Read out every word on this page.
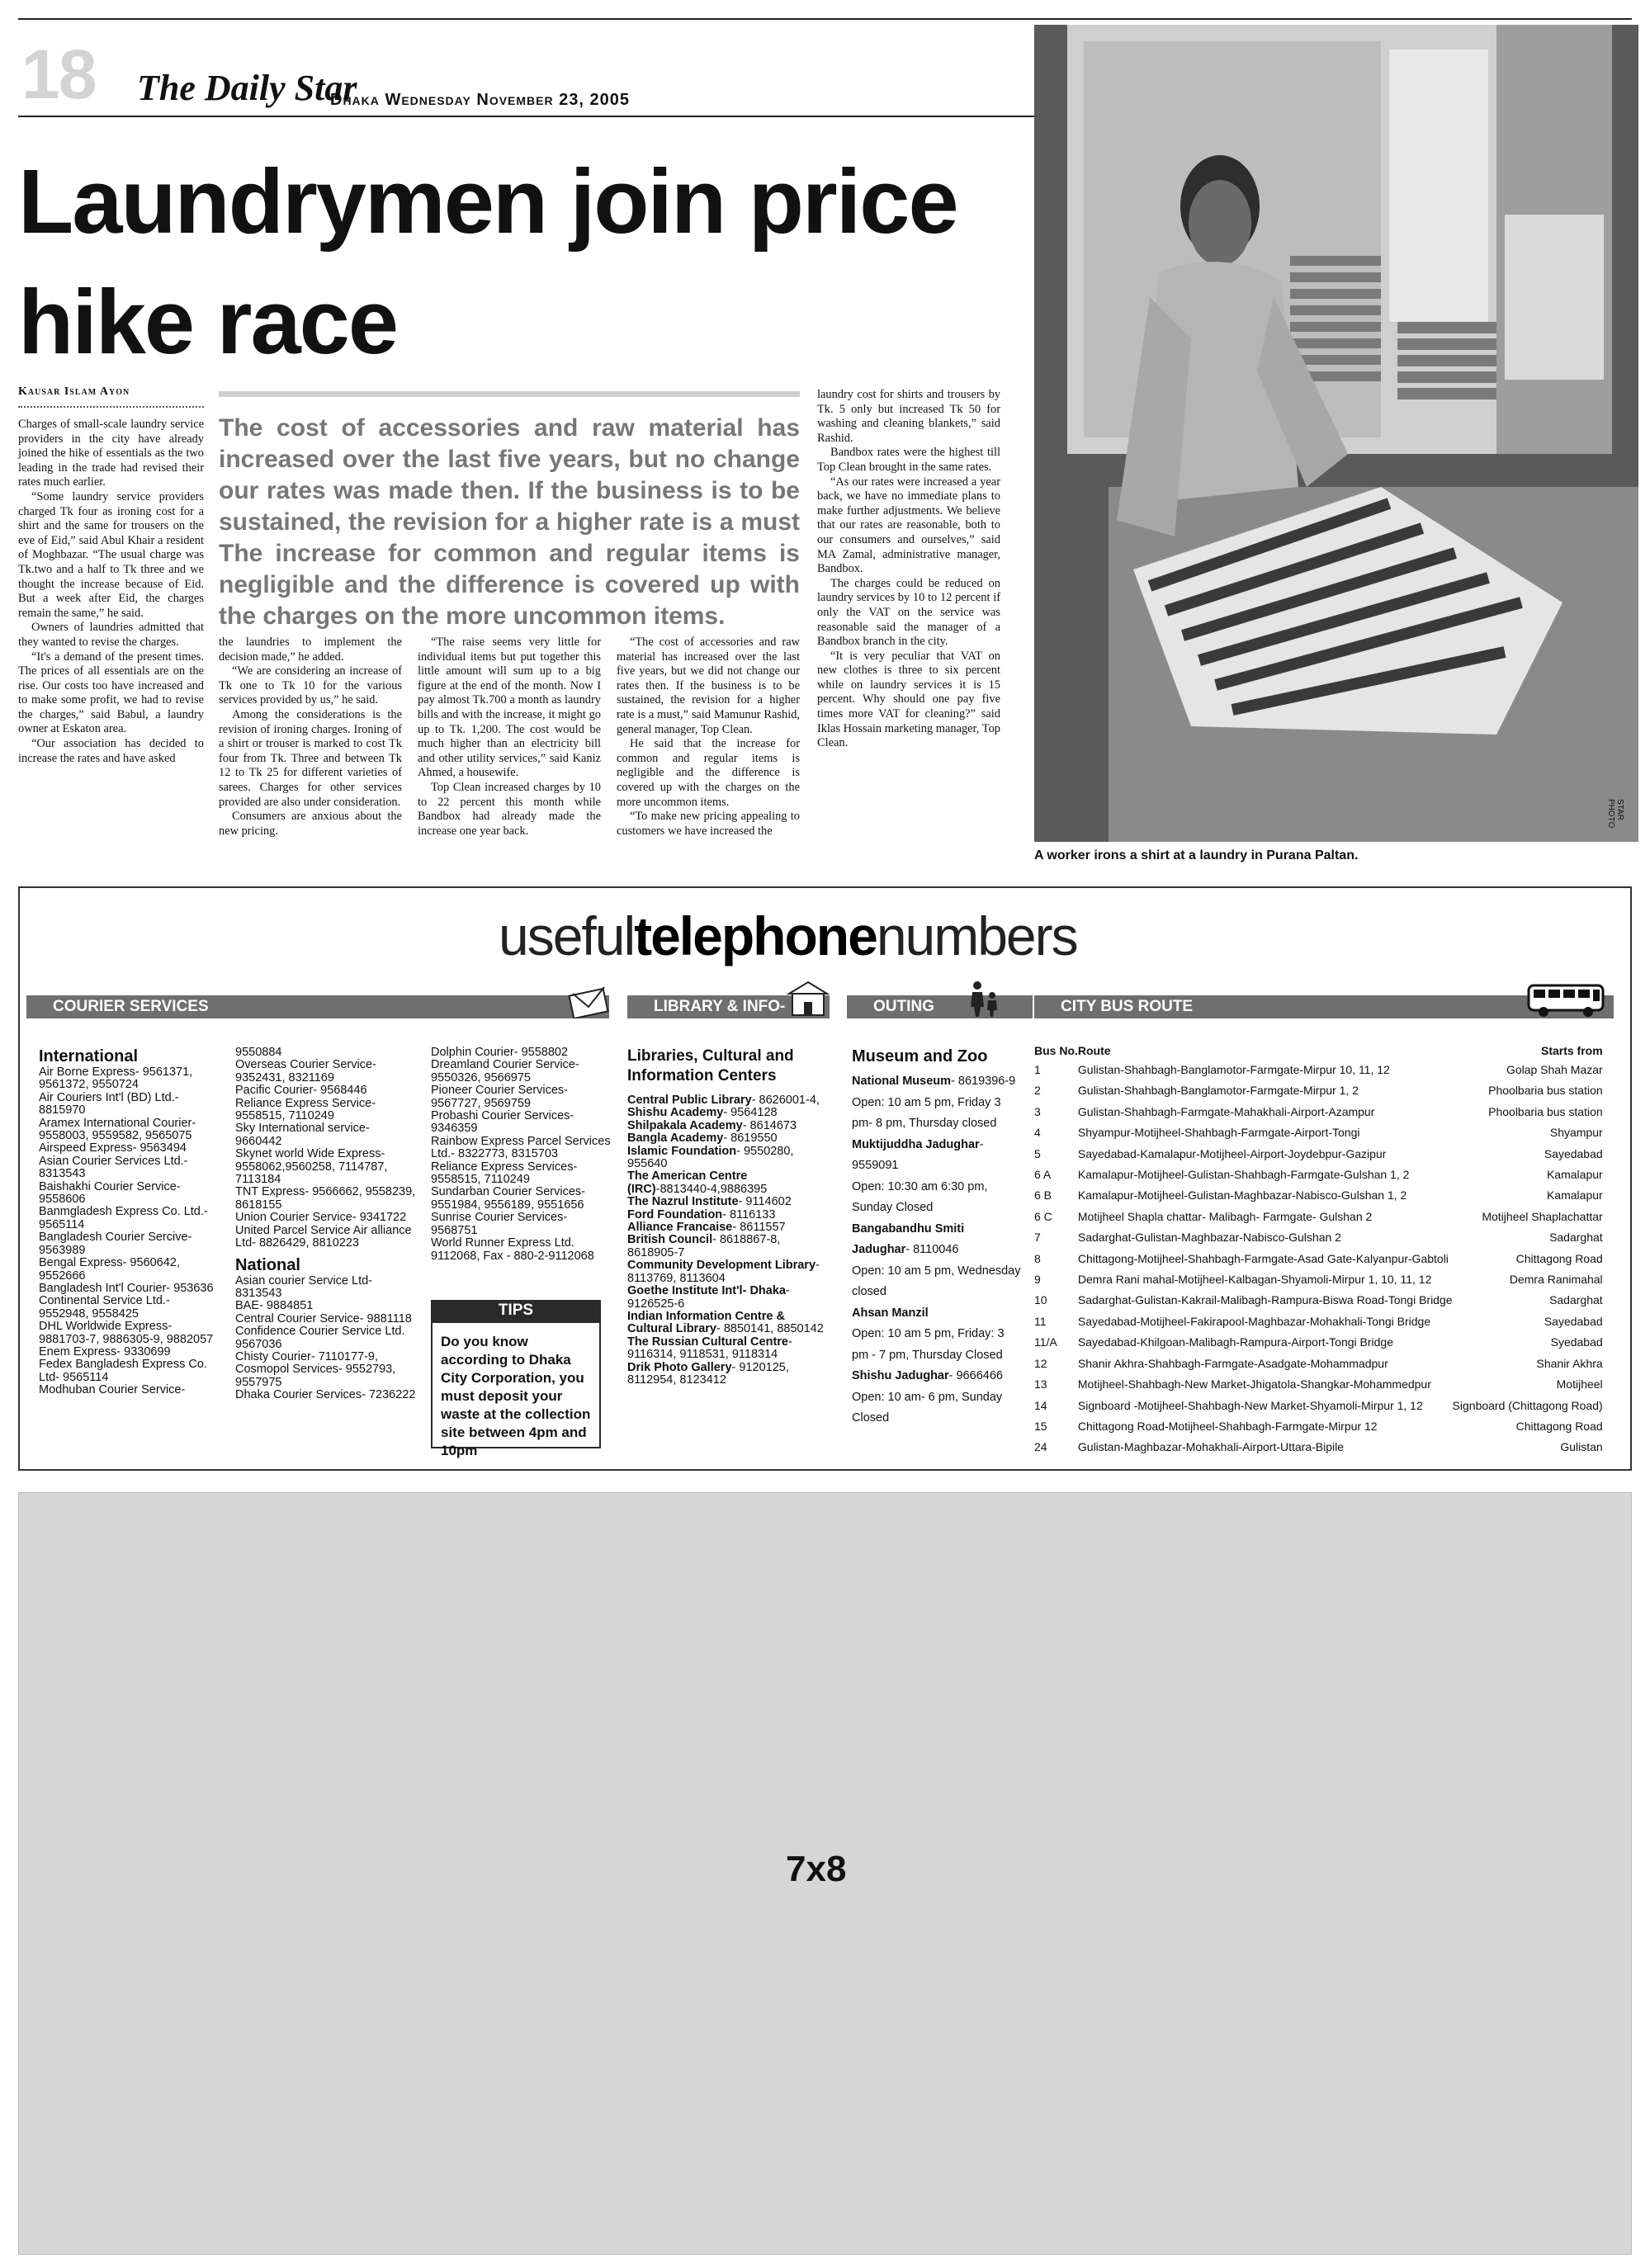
18 The Daily Star
Dhaka Wednesday November 23, 2005
Laundrymen join price
hike race
Kausar Islam Ayon
The cost of accessories and raw material has increased over the last five years, but no change our rates was made then. If the business is to be sustained, the revision for a higher rate is a must The increase for common and regular items is negligible and the difference is covered up with the charges on the more uncommon items.

Charges of small-scale laundry service providers in the city have already joined the hike of essentials as the two leading in the trade had revised their rates much earlier.

“Some laundry service providers charged Tk four as ironing cost for a shirt and the same for trousers on the eve of Eid,” said Abul Khair a resident of Moghbazar. “The usual charge was Tk.two and a half to Tk three and we thought the increase because of Eid. But a week after Eid, the charges remain the same,” he said.

Owners of laundries admitted that they wanted to revise the charges.

“It's a demand of the present times. The prices of all essentials are on the rise. Our costs too have increased and to make some profit, we had to revise the charges,” said Babul, a laundry owner at Eskaton area.

“Our association has decided to increase the rates and have asked

the laundries to implement the decision made,” he added.

“We are considering an increase of Tk one to Tk 10 for the various services provided by us,” he said.

Among the considerations is the revision of ironing charges. Ironing of a shirt or trouser is marked to cost Tk four from Tk. Three and between Tk 12 to Tk 25 for different varieties of sarees. Charges for other services provided are also under consideration.

Consumers are anxious about the new pricing.

“The raise seems very little for individual items but put together this little amount will sum up to a big figure at the end of the month. Now I pay almost Tk.700 a month as laundry bills and with the increase, it might go up to Tk. 1,200. The cost would be much higher than an electricity bill and other utility services,” said Kaniz Ahmed, a housewife.

Top Clean increased charges by 10 to 22 percent this month while Bandbox had already made the increase one year back.

“The cost of accessories and raw material has increased over the last five years, but we did not change our rates then. If the business is to be sustained, the revision for a higher rate is a must,” said Mamunur Rashid, general manager, Top Clean.

He said that the increase for common and regular items is negligible and the difference is covered up with the charges on the more uncommon items.

“To make new pricing appealing to customers we have increased the

laundry cost for shirts and trousers by Tk. 5 only but increased Tk 50 for washing and cleaning blankets,” said Rashid.

Bandbox rates were the highest till Top Clean brought in the same rates.

“As our rates were increased a year back, we have no immediate plans to make further adjustments. We believe that our rates are reasonable, both to our consumers and ourselves,” said MA Zamal, administrative manager, Bandbox.

The charges could be reduced on laundry services by 10 to 12 percent if only the VAT on the service was reasonable said the manager of a Bandbox branch in the city.

“It is very peculiar that VAT on new clothes is three to six percent while on laundry services it is 15 percent. Why should one pay five times more VAT for cleaning?” said Iklas Hossain marketing manager, Top Clean.

A worker irons a shirt at a laundry in Purana Paltan.
STAR PHOTO
usefultelephonenumbers
COURIER SERVICES	LIBRARY & INFO-	OUTING	CITY BUS ROUTE
International
Air Borne Express- 9561371,
9561372, 9550724
Air Couriers Int'l (BD) Ltd.-
8815970
Aramex International Courier-
9558003, 9559582, 9565075
Airspeed Express- 9563494
Asian Courier Services Ltd.-
8313543
Baishakhi Courier Service-
9558606
Banmgladesh Express Co. Ltd.-
9565114
Bangladesh Courier Sercive-
9563989
Bengal Express- 9560642,
9552666
Bangladesh Int'l Courier- 953636
Continental Service Ltd.-
9552948, 9558425
DHL Worldwide Express-
9881703-7, 9886305-9, 9882057
Enem Express- 9330699
Fedex Bangladesh Express Co.
Ltd- 9565114
Modhuban Courier Service-
9550884
Overseas Courier Service-
9352431, 8321169
Pacific Courier- 9568446
Reliance Express Service-
9558515, 7110249
Sky International service-
9660442
Skynet world Wide Express-
9558062,9560258, 7114787,
7113184
TNT Express- 9566662, 9558239,
8618155
Union Courier Service- 9341722
United Parcel Service Air alliance
Ltd- 8826429, 8810223
National
Asian courier Service Ltd-
8313543
BAE- 9884851
Central Courier Service- 9881118
Confidence Courier Service Ltd.
9567036
Chisty Courier- 7110177-9,
Cosmopol Services- 9552793,
9557975
Dhaka Courier Services- 7236222
Dolphin Courier- 9558802
Dreamland Courier Service-
9550326, 9566975
Pioneer Courier Services-
9567727, 9569759
Probashi Courier Services-
9346359
Rainbow Express Parcel Services
Ltd.- 8322773, 8315703
Reliance Express Services-
9558515, 7110249
Sundarban Courier Services-
9551984, 9556189, 9551656
Sunrise Courier Services-
9568751
World Runner Express Ltd.
9112068, Fax - 880-2-9112068
TIPS
Do you know according to Dhaka City Corporation, you must deposit your waste at the collection site between 4pm and 10pm
Libraries, Cultural and Information Centers
Central Public Library- 8626001-4,
Shishu Academy- 9564128
Shilpakala Academy- 8614673
Bangla Academy- 8619550
Islamic Foundation- 9550280, 955640
The American Centre (IRC)-8813440-4,9886395
The Nazrul Institute- 9114602
Ford Foundation- 8116133
Alliance Francaise- 8611557
British Council- 8618867-8, 8618905-7
Community Development Library- 8113769, 8113604
Goethe Institute Int'l- Dhaka- 9126525-6
Indian Information Centre & Cultural Library- 8850141, 8850142
The Russian Cultural Centre- 9116314, 9118531, 9118314
Drik Photo Gallery- 9120125, 8112954, 8123412
Museum and Zoo
National Museum- 8619396-9
Open: 10 am 5 pm, Friday 3 pm- 8 pm, Thursday closed
Muktijuddha Jadughar- 9559091
Open: 10:30 am 6:30 pm, Sunday Closed
Bangabandhu Smiti Jadughar- 8110046
Open: 10 am 5 pm, Wednesday closed
Ahsan Manzil
Open: 10 am 5 pm, Friday: 3 pm - 7 pm, Thursday Closed
Shishu Jadughar- 9666466
Open: 10 am- 6 pm, Sunday Closed
Bus No.	Route	Starts from
1	Gulistan-Shahbagh-Banglamotor-Farmgate-Mirpur 10, 11, 12	Golap Shah Mazar
2	Gulistan-Shahbagh-Banglamotor-Farmgate-Mirpur 1, 2	Phoolbaria bus station
3	Gulistan-Shahbagh-Farmgate-Mahakhali-Airport-Azampur	Phoolbaria bus station
4	Shyampur-Motijheel-Shahbagh-Farmgate-Airport-Tongi	Shyampur
5	Sayedabad-Kamalapur-Motijheel-Airport-Joydebpur-Gazipur	Sayedabad
6 A	Kamalapur-Motijheel-Gulistan-Shahbagh-Farmgate-Gulshan 1, 2	Kamalapur
6 B	Kamalapur-Motijheel-Gulistan-Maghbazar-Nabisco-Gulshan 1, 2	Kamalapur
6 C	Motijheel Shapla chattar- Malibagh- Farmgate- Gulshan 2	Motijheel Shaplachattar
7	Sadarghat-Gulistan-Maghbazar-Nabisco-Gulshan 2	Sadarghat
8	Chittagong-Motijheel-Shahbagh-Farmgate-Asad Gate-Kalyanpur-Gabtoli	Chittagong Road
9	Demra Rani mahal-Motijheel-Kalbagan-Shyamoli-Mirpur 1, 10, 11, 12	Demra Ranimahal
10	Sadarghat-Gulistan-Kakrail-Malibagh-Rampura-Biswa Road-Tongi Bridge	Sadarghat
11	Sayedabad-Motijheel-Fakirapool-Maghbazar-Mohakhali-Tongi Bridge	Sayedabad
11/A	Sayedabad-Khilgoan-Malibagh-Rampura-Airport-Tongi Bridge	Syedabad
12	Shanir Akhra-Shahbagh-Farmgate-Asadgate-Mohammadpur	Shanir Akhra
13	Motijheel-Shahbagh-New Market-Jhigatola-Shangkar-Mohammedpur	Motijheel
14	Signboard -Motijheel-Shahbagh-New Market-Shyamoli-Mirpur 1, 12	Signboard (Chittagong Road)
15	Chittagong Road-Motijheel-Shahbagh-Farmgate-Mirpur 12	Chittagong Road
24	Gulistan-Maghbazar-Mohakhali-Airport-Uttara-Bipile	Gulistan
7x8
